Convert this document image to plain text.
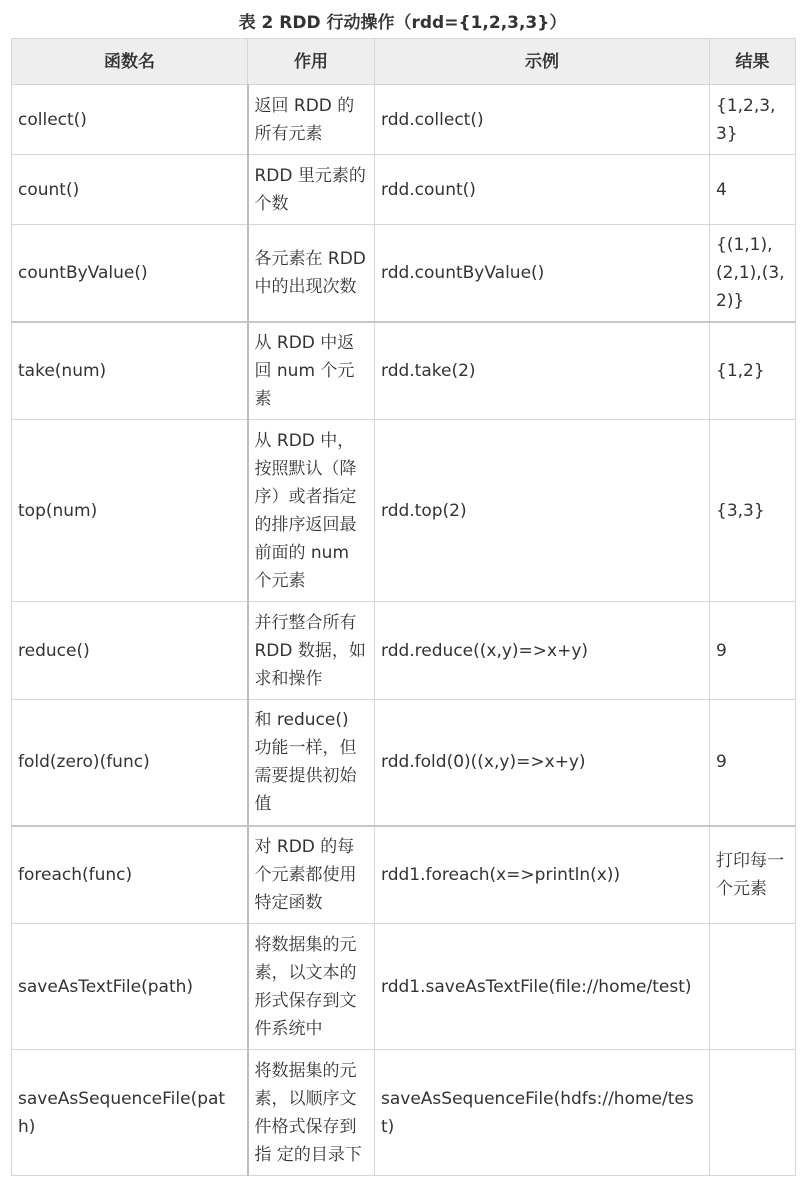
表 2 RDD 行动操作（rdd={1,2,3,3}）
函数名	作用	示例	结果
collect()	返回 RDD 的所有元素	rdd.collect()	{1,2,3,3}
count()	RDD 里元素的个数	rdd.count()	4
countByValue()	各元素在 RDD 中的出现次数	rdd.countByValue()	{(1,1),(2,1),(3,2)}
take(num)	从 RDD 中返回 num 个元素	rdd.take(2)	{1,2}
top(num)	从 RDD 中，按照默认（降序）或者指定的排序返回最前面的 num 个元素	rdd.top(2)	{3,3}
reduce()	并行整合所有 RDD 数据，如求和操作	rdd.reduce((x,y)=>x+y)	9
fold(zero)(func)	和 reduce() 功能一样，但需要提供初始值	rdd.fold(0)((x,y)=>x+y)	9
foreach(func)	对 RDD 的每个元素都使用特定函数	rdd1.foreach(x=>println(x))	打印每一个元素
saveAsTextFile(path)	将数据集的元素，以文本的形式保存到文件系统中	rdd1.saveAsTextFile(file://home/test)	
saveAsSequenceFile(path)	将数据集的元素，以顺序文件格式保存到指 定的目录下	saveAsSequenceFile(hdfs://home/test)	
